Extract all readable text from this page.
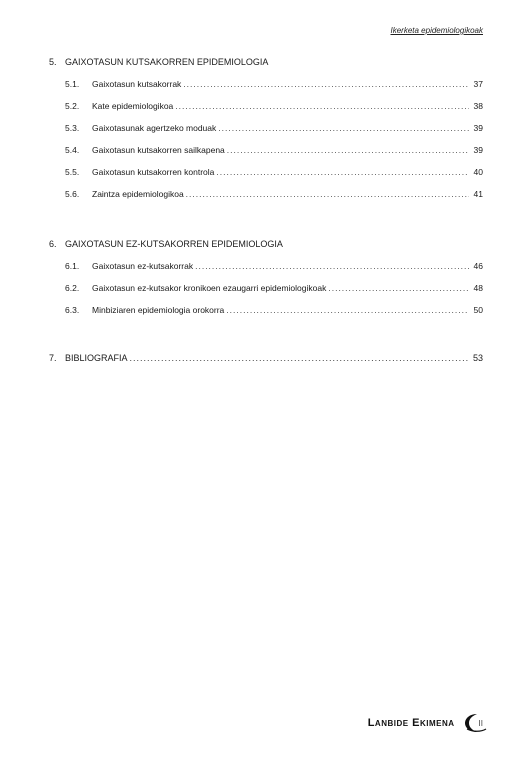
Ikerketa epidemiologikoak
5. GAIXOTASUN KUTSAKORREN EPIDEMIOLOGIA
5.1.	Gaixotasun kutsakorrak .....	37
5.2.	Kate epidemiologikoa .....	38
5.3.	Gaixotasunak agertzeko moduak .....	39
5.4.	Gaixotasun kutsakorren sailkapena .....	39
5.5.	Gaixotasun kutsakorren kontrola .....	40
5.6.	Zaintza epidemiologikoa .....	41
6. GAIXOTASUN EZ-KUTSAKORREN EPIDEMIOLOGIA
6.1.	Gaixotasun ez-kutsakorrak .....	46
6.2.	Gaixotasun ez-kutsakor kronikoen ezaugarri epidemiologikoak .....	48
6.3.	Minbiziaren epidemiologia orokorra .....	50
7. BIBLIOGRAFIA .....	53
Lanbide Ekimena	II
